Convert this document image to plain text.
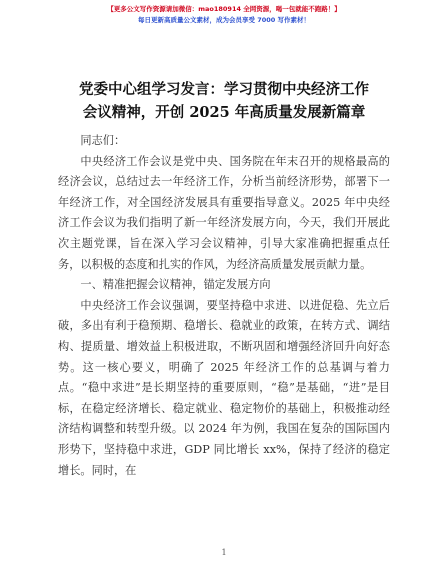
【更多公文写作资源请加微信：mao180914 全网资源，喝一包就能不跑路！】
每日更新高质量公文素材，成为会员享受 7000 写作素材！
党委中心组学习发言：学习贯彻中央经济工作
会议精神，开创 2025 年高质量发展新篇章

同志们：

中央经济工作会议是党中央、国务院在年末召开的规格最高的经济会议，总结过去一年经济工作，分析当前经济形势，部署下一年经济工作，对全国经济发展具有重要指导意义。2025 年中央经济工作会议为我们指明了新一年经济发展方向，今天，我们开展此次主题党课，旨在深入学习会议精神，引导大家准确把握重点任务，以积极的态度和扎实的作风，为经济高质量发展贡献力量。

一、精准把握会议精神，锚定发展方向

中央经济工作会议强调，要坚持稳中求进、以进促稳、先立后破，多出有利于稳预期、稳增长、稳就业的政策，在转方式、调结构、提质量、增效益上积极进取，不断巩固和增强经济回升向好态势。这一核心要义，明确了 2025 年经济工作的总基调与着力点。“稳中求进”是长期坚持的重要原则，“稳”是基础，“进”是目标，在稳定经济增长、稳定就业、稳定物价的基础上，积极推动经济结构调整和转型升级。以 2024 年为例，我国在复杂的国际国内形势下，坚持稳中求进，GDP 同比增长 xx%，保持了经济的稳定增长。同时，在

1
